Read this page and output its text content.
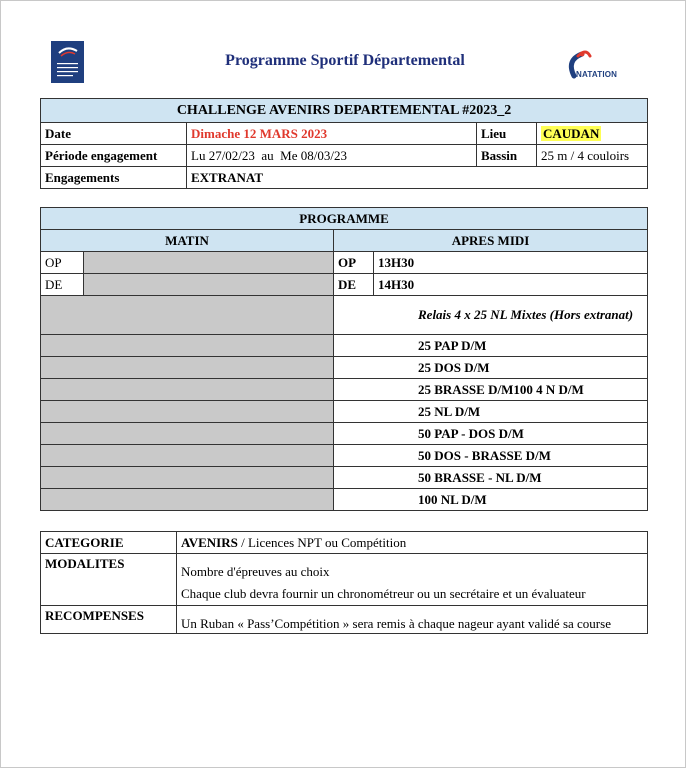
Programme Sportif Départemental
NATATION
CHALLENGE AVENIRS DEPARTEMENTAL #2023_2			
Date	Dimache 12 MARS 2023	Lieu	CAUDAN
Période engagement	Lu 27/02/23  au  Me 08/03/23	Bassin	25 m / 4 couloirs
Engagements	EXTRANAT		
PROGRAMME			
MATIN		APRES MIDI	
OP		OP	13H30
DE		DE	14H30
		Relais 4 x 25 NL Mixtes (Hors extranat)	
		25 PAP D/M	
		25 DOS D/M	
		25 BRASSE D/M100 4 N D/M	
		25 NL D/M	
		50 PAP - DOS D/M	
		50 DOS - BRASSE D/M	
		50 BRASSE - NL D/M	
		100 NL D/M	
CATEGORIE	AVENIRS / Licences NPT ou Compétition
MODALITES	Nombre d'épreuves au choix
Chaque club devra fournir un chronométreur ou un secrétaire et un évaluateur

RECOMPENSES	Un Ruban « Pass’Compétition » sera remis à chaque nageur ayant validé sa course
